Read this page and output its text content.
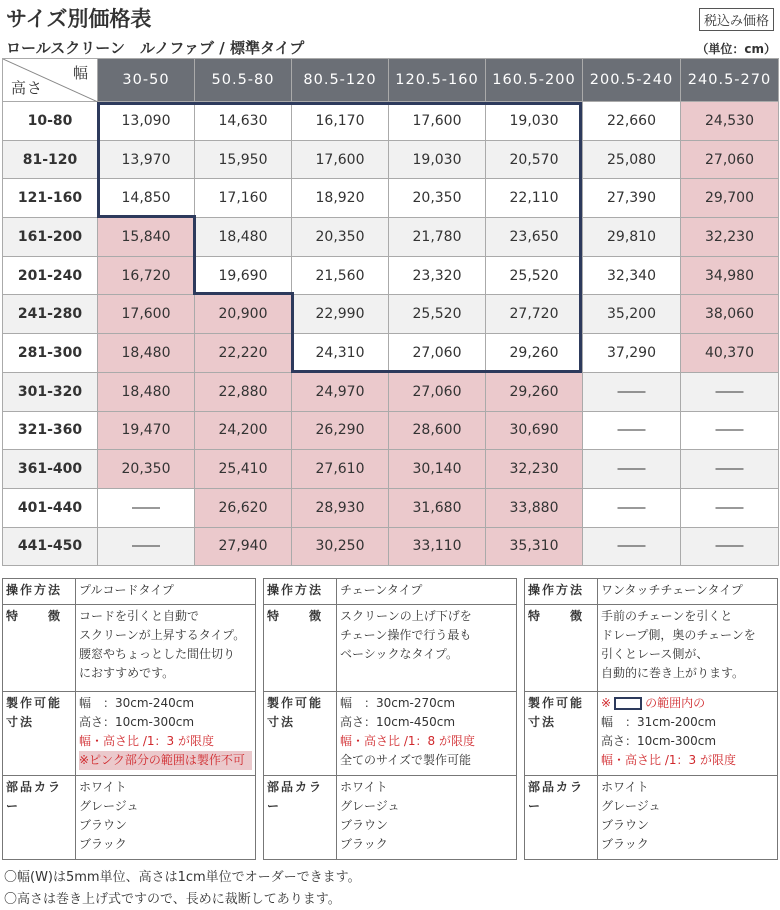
サイズ別価格表	税込み価格
ロールスクリーン　ルノファブ / 標準タイプ	（単位：cm）
幅
高さ	30-50	50.5-80	80.5-120	120.5-160	160.5-200	200.5-240	240.5-270
10-80	13,090	14,630	16,170	17,600	19,030	22,660	24,530
81-120	13,970	15,950	17,600	19,030	20,570	25,080	27,060
121-160	14,850	17,160	18,920	20,350	22,110	27,390	29,700
161-200	15,840	18,480	20,350	21,780	23,650	29,810	32,230
201-240	16,720	19,690	21,560	23,320	25,520	32,340	34,980
241-280	17,600	20,900	22,990	25,520	27,720	35,200	38,060
281-300	18,480	22,220	24,310	27,060	29,260	37,290	40,370
301-320	18,480	22,880	24,970	27,060	29,260	――	――
321-360	19,470	24,200	26,290	28,600	30,690	――	――
361-400	20,350	25,410	27,610	30,140	32,230	――	――
401-440	――	26,620	28,930	31,680	33,880	――	――
441-450	――	27,940	30,250	33,110	35,310	――	――
操作方法	プルコードタイプ
特　　徴	コードを引くと自動で
スクリーンが上昇するタイプ。
腰窓やちょっとした間仕切り
におすすめです。

製作可能寸法	幅　：30cm-240cm
高さ：10cm-300cm
幅・高さ比 /1：3 が限度
※ピンク部分の範囲は製作不可

部品カラー	ホワイト
グレージュ
ブラウン
ブラック
操作方法	チェーンタイプ
特　　徴	スクリーンの上げ下げを
チェーン操作で行う最も
ベーシックなタイプ。

製作可能寸法	幅　：30cm-270cm
高さ：10cm-450cm
幅・高さ比 /1：8 が限度
全てのサイズで製作可能

部品カラー	ホワイト
グレージュ
ブラウン
ブラック
操作方法	ワンタッチチェーンタイプ
特　　徴	手前のチェーンを引くと
ドレープ側，奥のチェーンを
引くとレース側が、
自動的に巻き上がります。

製作可能寸法	※ の範囲内の
幅　：31cm-200cm
高さ：10cm-300cm
幅・高さ比 /1：3 が限度

部品カラー	ホワイト
グレージュ
ブラウン
ブラック
〇幅(W)は5mm単位、高さは1cm単位でオーダーできます。
〇高さは巻き上げ式ですので、長めに裁断してあります。
